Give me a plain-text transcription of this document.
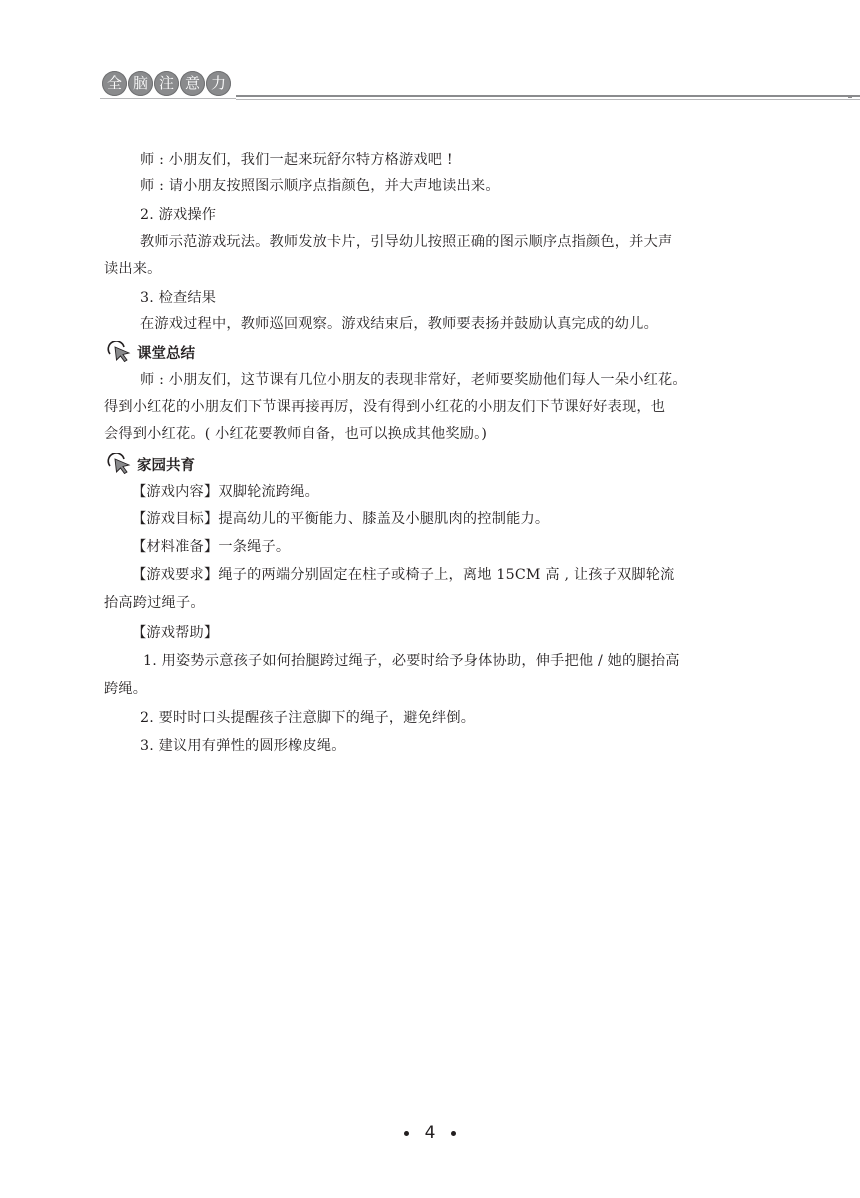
全 脑 注 意 力
师 : 小朋友们，我们一起来玩舒尔特方格游戏吧 !
师 : 请小朋友按照图示顺序点指颜色，并大声地读出来。
2. 游戏操作
教师示范游戏玩法。教师发放卡片，引导幼儿按照正确的图示顺序点指颜色，并大声
读出来。
3. 检查结果
在游戏过程中，教师巡回观察。游戏结束后，教师要表扬并鼓励认真完成的幼儿。
课堂总结
师 : 小朋友们，这节课有几位小朋友的表现非常好，老师要奖励他们每人一朵小红花。
得到小红花的小朋友们下节课再接再厉，没有得到小红花的小朋友们下节课好好表现，也
会得到小红花。( 小红花要教师自备，也可以换成其他奖励。)
家园共育
【游戏内容】双脚轮流跨绳。
【游戏目标】提高幼儿的平衡能力、膝盖及小腿肌肉的控制能力。
【材料准备】一条绳子。
【游戏要求】绳子的两端分别固定在柱子或椅子上，离地 15CM 高 , 让孩子双脚轮流
抬高跨过绳子。
【游戏帮助】
1. 用姿势示意孩子如何抬腿跨过绳子，必要时给予身体协助，伸手把他 / 她的腿抬高
跨绳。
2. 要时时口头提醒孩子注意脚下的绳子，避免绊倒。
3. 建议用有弹性的圆形橡皮绳。
4
